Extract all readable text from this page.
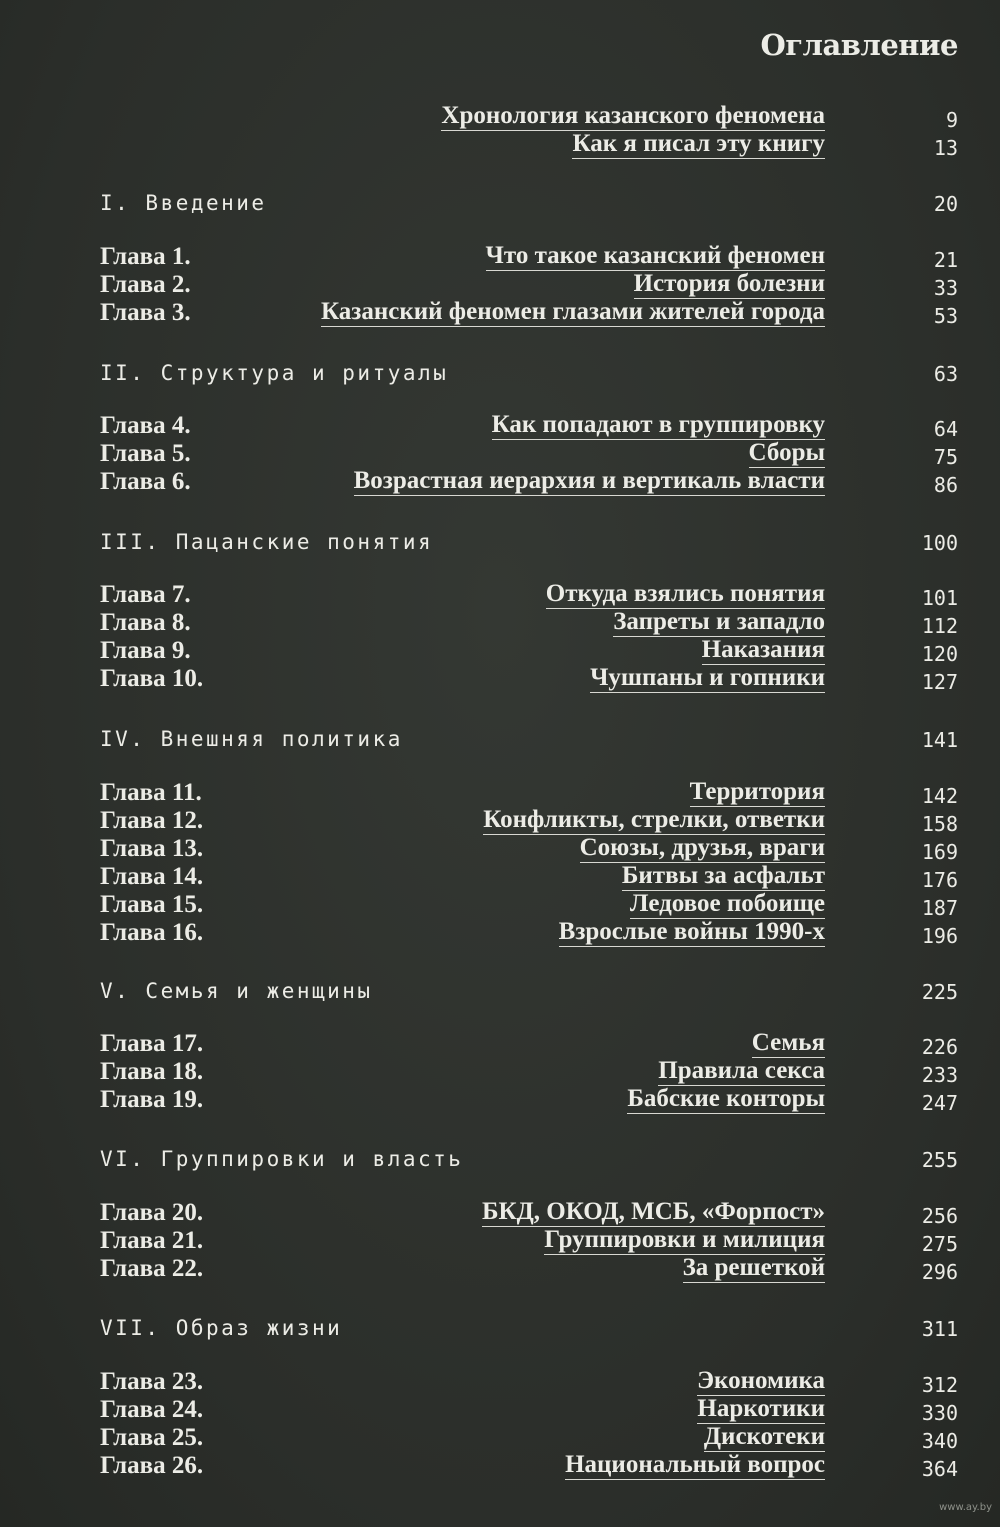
Оглавление
Хронология казанского феномена	9
Как я писал эту книгу	13
I. Введение	20
Глава 1.	Что такое казанский феномен	21
Глава 2.	История болезни	33
Глава 3.	Казанский феномен глазами жителей города	53
II. Структура и ритуалы	63
Глава 4.	Как попадают в группировку	64
Глава 5.	Сборы	75
Глава 6.	Возрастная иерархия и вертикаль власти	86
III. Пацанские понятия	100
Глава 7.	Откуда взялись понятия	101
Глава 8.	Запреты и западло	112
Глава 9.	Наказания	120
Глава 10.	Чушпаны и гопники	127
IV. Внешняя политика	141
Глава 11.	Территория	142
Глава 12.	Конфликты, стрелки, ответки	158
Глава 13.	Союзы, друзья, враги	169
Глава 14.	Битвы за асфальт	176
Глава 15.	Ледовое побоище	187
Глава 16.	Взрослые войны 1990-х	196
V. Семья и женщины	225
Глава 17.	Семья	226
Глава 18.	Правила секса	233
Глава 19.	Бабские конторы	247
VI. Группировки и власть	255
Глава 20.	БКД, ОКОД, МСБ, «Форпост»	256
Глава 21.	Группировки и милиция	275
Глава 22.	За решеткой	296
VII. Образ жизни	311
Глава 23.	Экономика	312
Глава 24.	Наркотики	330
Глава 25.	Дискотеки	340
Глава 26.	Национальный вопрос	364
www.ay.by
